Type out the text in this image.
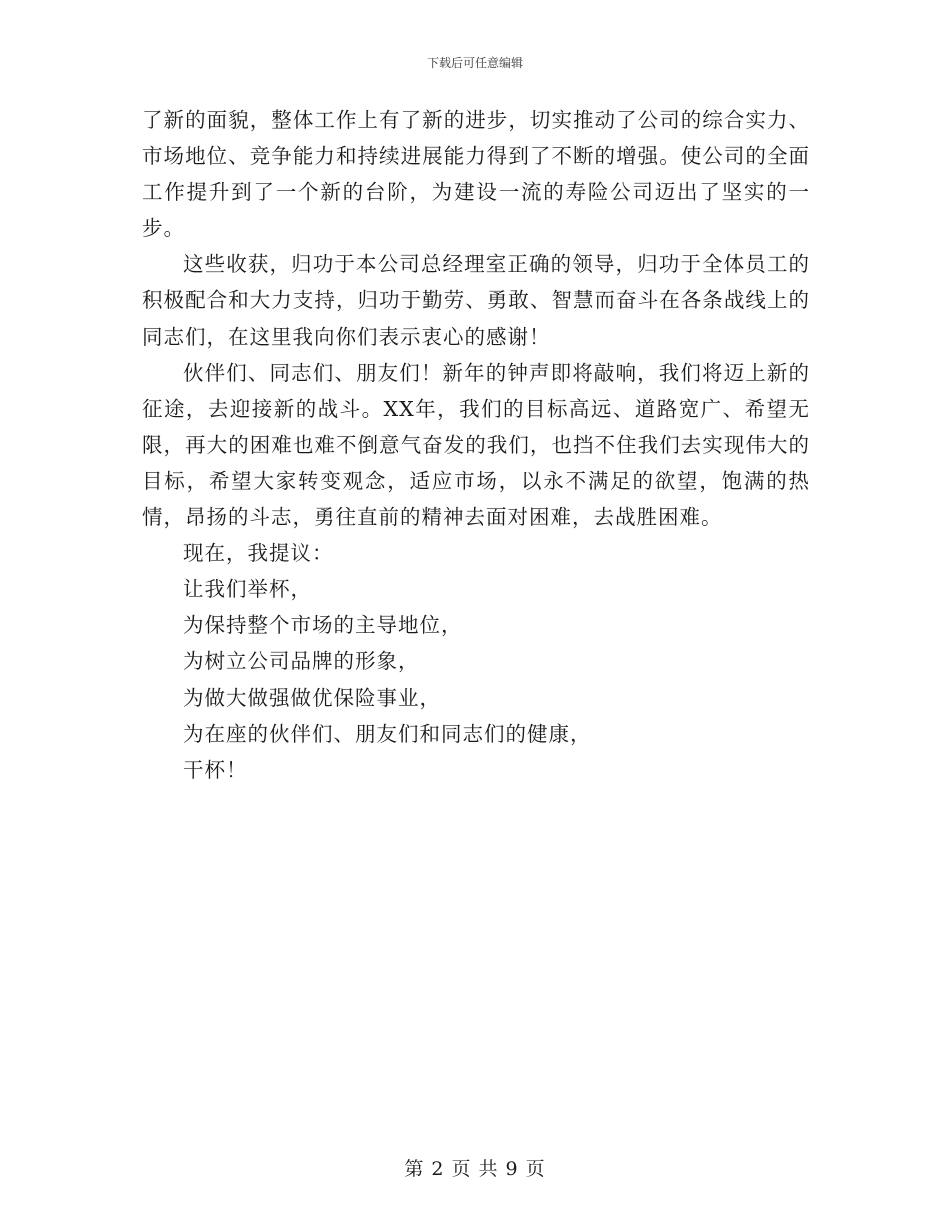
下载后可任意编辑

了新的面貌，整体工作上有了新的进步，切实推动了公司的综合实力、市场地位、竞争能力和持续进展能力得到了不断的增强。使公司的全面工作提升到了一个新的台阶，为建设一流的寿险公司迈出了坚实的一步。

这些收获，归功于本公司总经理室正确的领导，归功于全体员工的积极配合和大力支持，归功于勤劳、勇敢、智慧而奋斗在各条战线上的同志们，在这里我向你们表示衷心的感谢！

伙伴们、同志们、朋友们！新年的钟声即将敲响，我们将迈上新的征途，去迎接新的战斗。XX年，我们的目标高远、道路宽广、希望无限，再大的困难也难不倒意气奋发的我们，也挡不住我们去实现伟大的目标，希望大家转变观念，适应市场，以永不满足的欲望，饱满的热情，昂扬的斗志，勇往直前的精神去面对困难，去战胜困难。

现在，我提议：

让我们举杯，

为保持整个市场的主导地位，

为树立公司品牌的形象，

为做大做强做优保险事业，

为在座的伙伴们、朋友们和同志们的健康，

干杯！

第 2 页 共 9 页
